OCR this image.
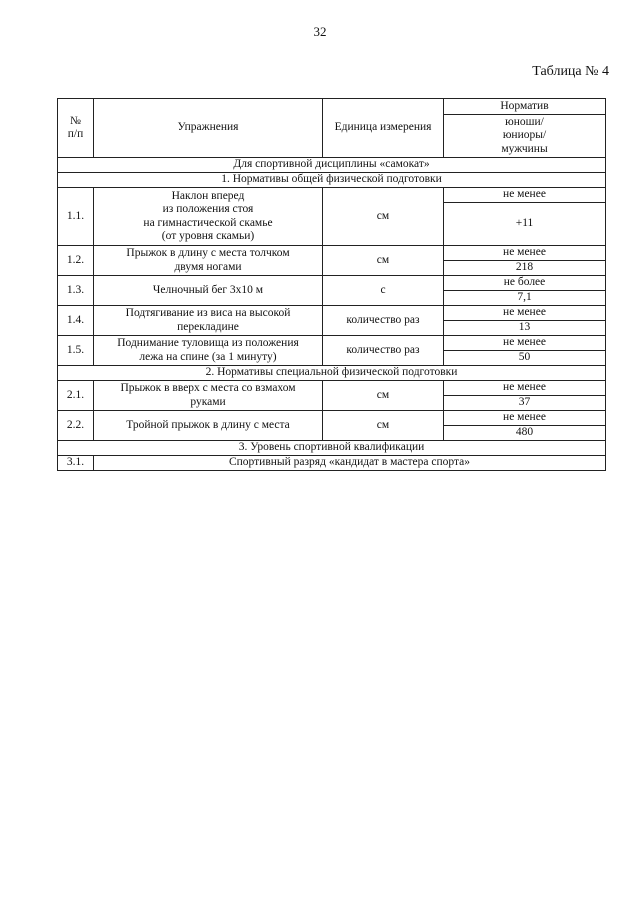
32
Таблица № 4
№
п/п	Упражнения	Единица измерения	Норматив

			юноши/
юниоры/
мужчины

Для спортивной дисциплины «самокат»			
1. Нормативы общей физической подготовки			
1.1.	Наклон вперед
из положения стоя
на гимнастической скамье
(от уровня скамьи)	см	не менее
			+11
1.2.	Прыжок в длину с места толчком
двумя ногами	см	не менее
			218
1.3.	Челночный бег 3х10 м	с	не более
			7,1
1.4.	Подтягивание из виса на высокой
перекладине	количество раз	не менее
			13
1.5.	Поднимание туловища из положения
лежа на спине (за 1 минуту)	количество раз	не менее
			50
2. Нормативы специальной физической подготовки			
2.1.	Прыжок в вверх с места со взмахом
руками	см	не менее
			37
2.2.	Тройной прыжок в длину с места	см	не менее
			480
3. Уровень спортивной квалификации			
3.1.	Спортивный разряд «кандидат в мастера спорта»		
